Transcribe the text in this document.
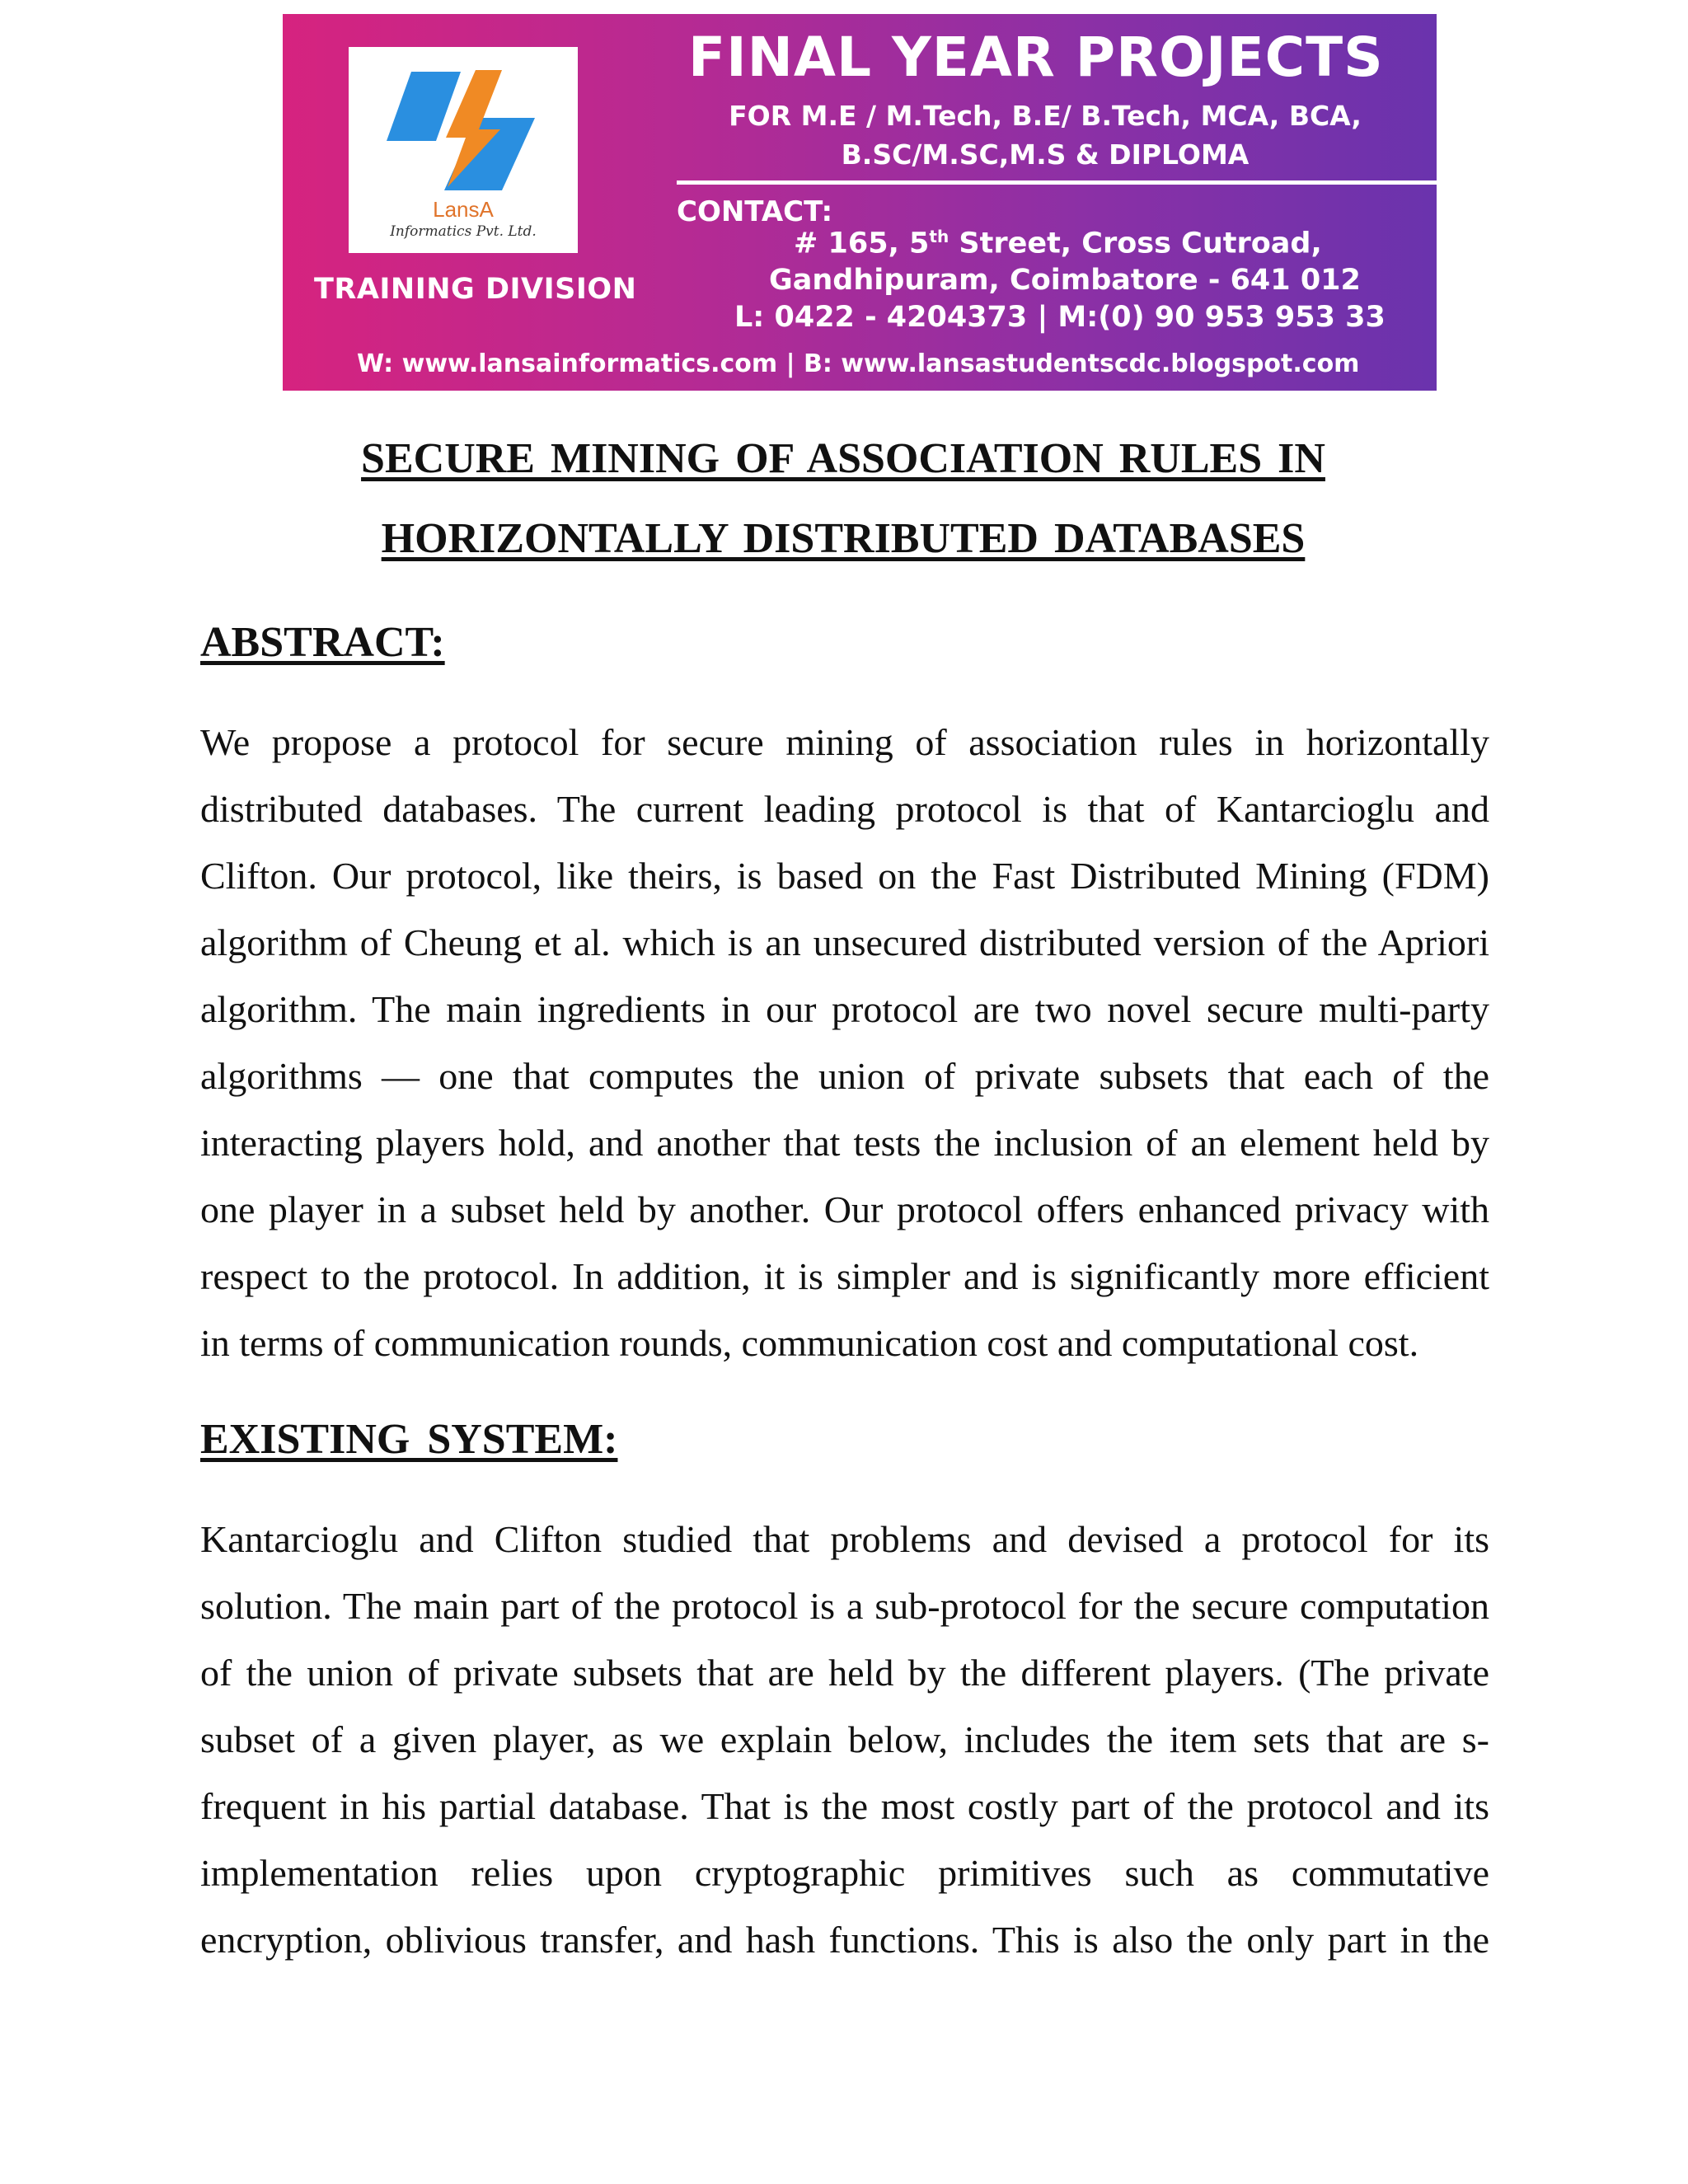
LansA
Informatics Pvt. Ltd.
TRAINING DIVISION
FINAL YEAR PROJECTS
FOR M.E / M.Tech, B.E/ B.Tech, MCA, BCA,
B.SC/M.SC,M.S & DIPLOMA
CONTACT:
# 165, 5th Street, Cross Cutroad,
Gandhipuram, Coimbatore - 641 012
L: 0422 - 4204373 | M:(0) 90 953 953 33
W: www.lansainformatics.com | B: www.lansastudentscdc.blogspot.com
SECURE MINING OF ASSOCIATION RULES IN
HORIZONTALLY DISTRIBUTED DATABASES
ABSTRACT:
We propose a protocol for secure mining of association rules in horizontally
distributed databases. The current leading protocol is that of Kantarcioglu and
Clifton. Our protocol, like theirs, is based on the Fast Distributed Mining (FDM)
algorithm of Cheung et al. which is an unsecured distributed version of the Apriori
algorithm. The main ingredients in our protocol are two novel secure multi-party
algorithms — one that computes the union of private subsets that each of the
interacting players hold, and another that tests the inclusion of an element held by
one player in a subset held by another. Our protocol offers enhanced privacy with
respect to the protocol. In addition, it is simpler and is significantly more efficient
in terms of communication rounds, communication cost and computational cost.
EXISTING SYSTEM:
Kantarcioglu and Clifton studied that problems and devised a protocol for its
solution. The main part of the protocol is a sub-protocol for the secure computation
of the union of private subsets that are held by the different players. (The private
subset of a given player, as we explain below, includes the item sets that are s-
frequent in his partial database. That is the most costly part of the protocol and its
implementation relies upon cryptographic primitives such as commutative
encryption, oblivious transfer, and hash functions. This is also the only part in the
